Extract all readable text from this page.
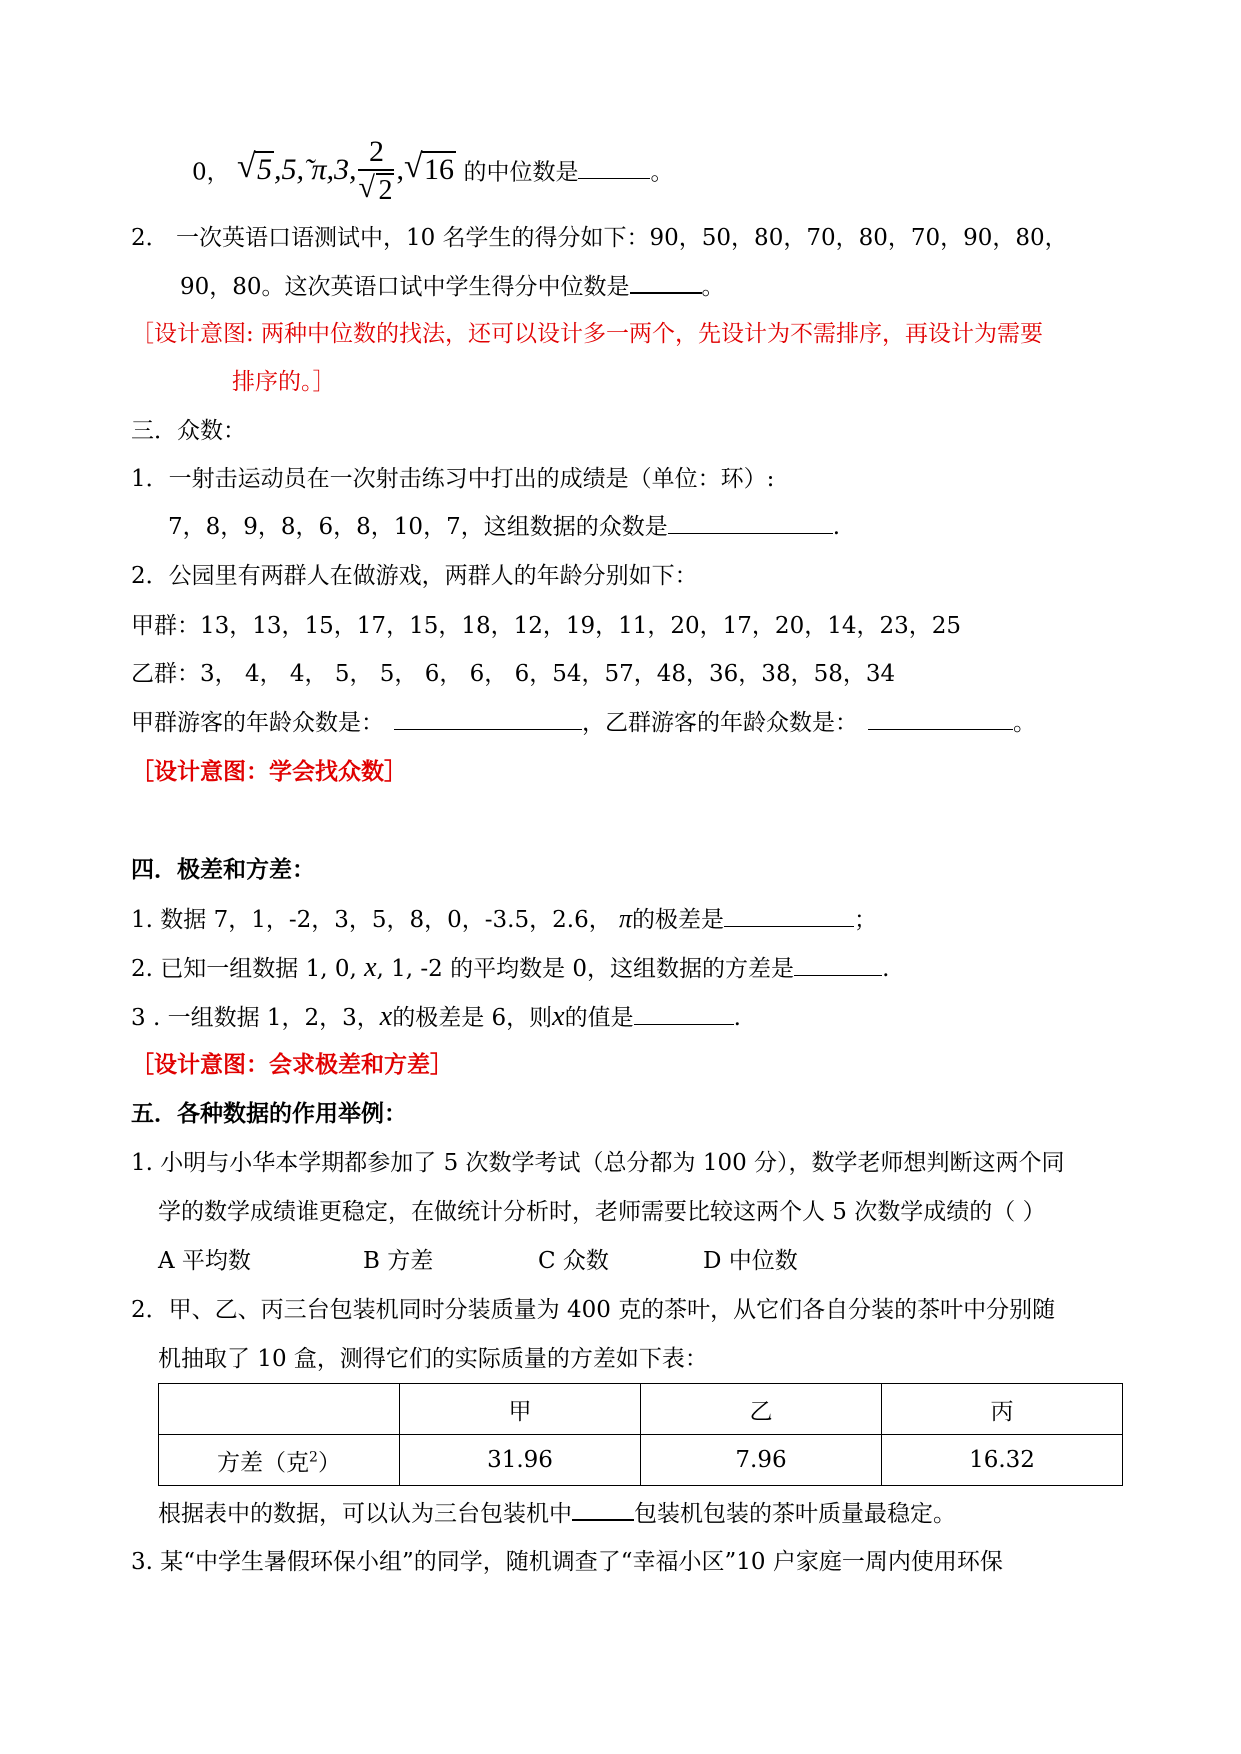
0， √ 5,5,̃ π,3, $\frac{2}{√ 2}$ , √ 16 的中位数是	。
2． 一次英语口语测试中，10 名学生的得分如下：90，50，80，70，80，70，90，80，
90，80。这次英语口试中学生得分中位数是	。
［设计意图: 两种中位数的找法，还可以设计多一两个，先设计为不需排序，再设计为需要
排序的。］
三．众数：
1．一射击运动员在一次射击练习中打出的成绩是（单位：环）:
7，8，9，8，6，8，10，7，这组数据的众数是	.
2．公园里有两群人在做游戏，两群人的年龄分别如下：
甲群：13，13，15，17，15，18，12，19，11，20，17，20，14，23，25
乙群：3， 4， 4， 5， 5， 6， 6， 6，54，57，48，36，38，58，34
甲群游客的年龄众数是：	，乙群游客的年龄众数是：	。
［设计意图：学会找众数］
四．极差和方差：
1. 数据 7，1，-2，3，5，8，0，-3.5，2.6， π的极差是	；
2. 已知一组数据 1, 0, x, 1, -2 的平均数是 0，这组数据的方差是	.
3 . 一组数据 1，2，3，x的极差是 6，则x的值是	.
［设计意图：会求极差和方差］
五．各种数据的作用举例：
1. 小明与小华本学期都参加了 5 次数学考试（总分都为 100 分），数学老师想判断这两个同
学的数学成绩谁更稳定，在做统计分析时，老师需要比较这两个人 5 次数学成绩的（ ）
A 平均数	B 方差	C 众数	D 中位数
2．甲、乙、丙三台包装机同时分装质量为 400 克的茶叶，从它们各自分装的茶叶中分别随
机抽取了 10 盒，测得它们的实际质量的方差如下表：
	甲	乙	丙
方差（克$^2$）	31.96	7.96	16.32
根据表中的数据，可以认为三台包装机中	包装机包装的茶叶质量最稳定。
3. 某“中学生暑假环保小组”的同学，随机调查了“幸福小区”10 户家庭一周内使用环保
